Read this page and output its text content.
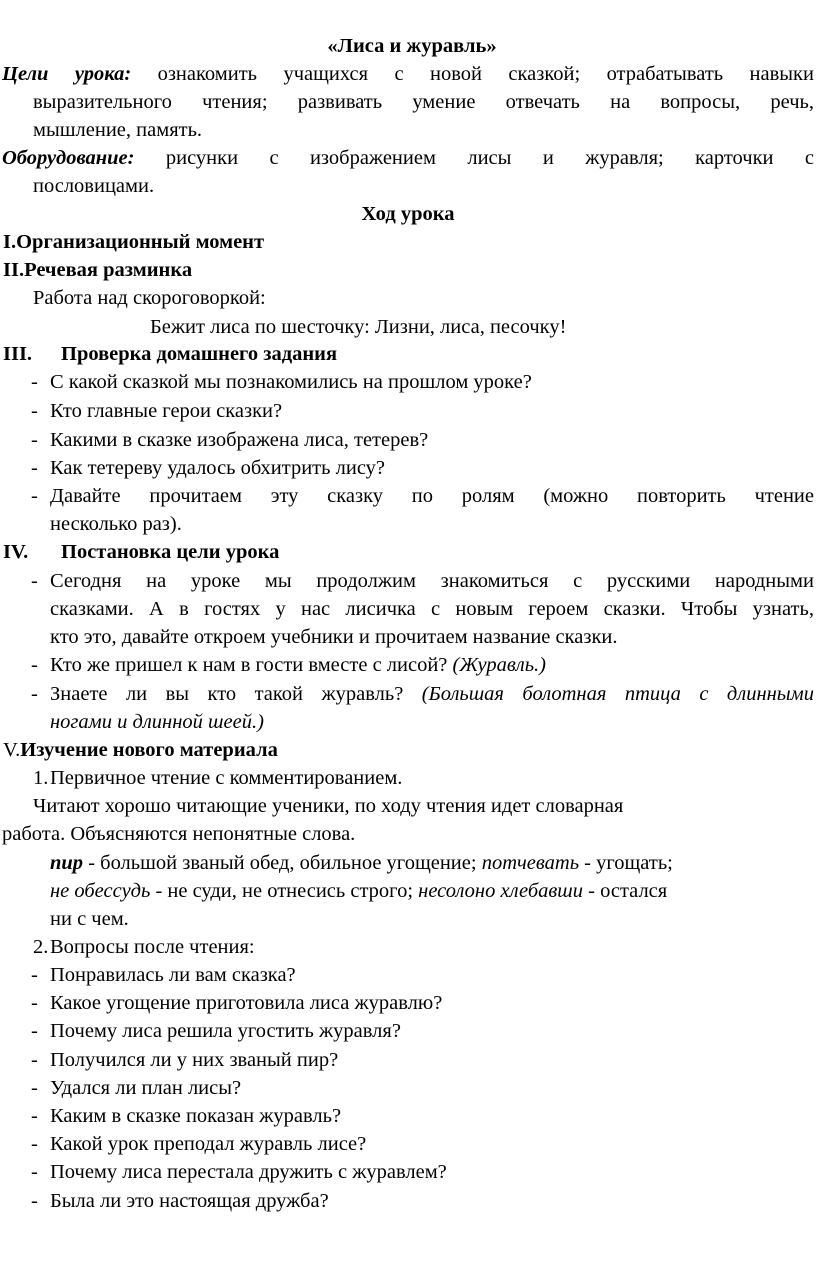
«Лиса и журавль»
Цели урока: ознакомить учащихся с новой сказкой; отрабатывать навыки
выразительного чтения; развивать умение отвечать на вопросы, речь,
мышление, память.
Оборудование: рисунки с изображением лисы и журавля; карточки с
пословицами.
Ход урока
I.Организационный момент
II.Речевая разминка
Работа над скороговоркой:
Бежит лиса по шесточку: Лизни, лиса, песочку!
III. Проверка домашнего задания
- С какой сказкой мы познакомились на прошлом уроке?
- Кто главные герои сказки?
- Какими в сказке изображена лиса, тетерев?
- Как тетереву удалось обхитрить лису?
- Давайте прочитаем эту сказку по ролям (можно повторить чтение
несколько раз).
IV. Постановка цели урока
- Сегодня на уроке мы продолжим знакомиться с русскими народными
сказками. А в гостях у нас лисичка с новым героем сказки. Чтобы узнать,
кто это, давайте откроем учебники и прочитаем название сказки.
- Кто же пришел к нам в гости вместе с лисой? (Журавль.)
- Знаете ли вы кто такой журавль? (Большая болотная птица с длинными
ногами и длинной шеей.)
V.Изучение нового материала
1. Первичное чтение с комментированием.
Читают хорошо читающие ученики, по ходу чтения идет словарная
работа. Объясняются непонятные слова.
пир - большой званый обед, обильное угощение; потчевать - угощать;
не обессудь - не суди, не отнесись строго; несолоно хлебавши - остался
ни с чем.
2. Вопросы после чтения:
- Понравилась ли вам сказка?
- Какое угощение приготовила лиса журавлю?
- Почему лиса решила угостить журавля?
- Получился ли у них званый пир?
- Удался ли план лисы?
- Каким в сказке показан журавль?
- Какой урок преподал журавль лисе?
- Почему лиса перестала дружить с журавлем?
- Была ли это настоящая дружба?
